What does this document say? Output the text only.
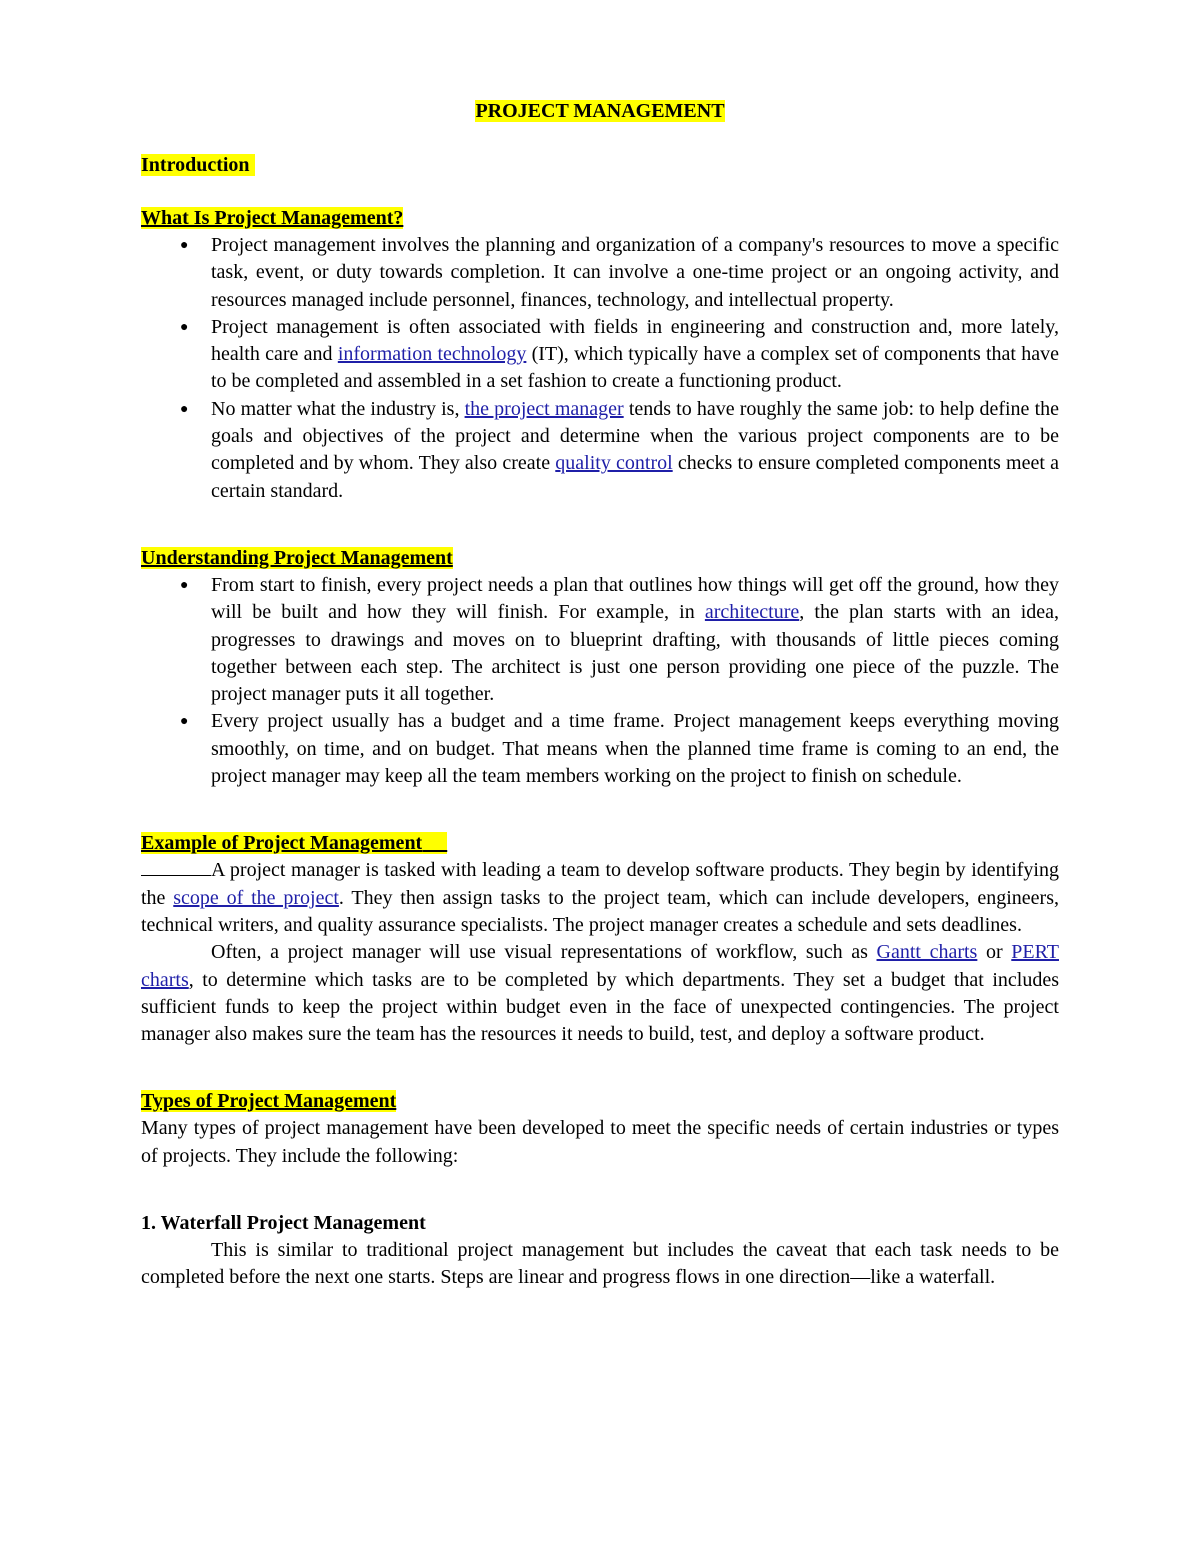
PROJECT MANAGEMENT
Introduction
What Is Project Management?
● Project management involves the planning and organization of a company's resources to move a specific task, event, or duty towards completion. It can involve a one-time project or an ongoing activity, and resources managed include personnel, finances, technology, and intellectual property.
● Project management is often associated with fields in engineering and construction and, more lately, health care and information technology (IT), which typically have a complex set of components that have to be completed and assembled in a set fashion to create a functioning product.
● No matter what the industry is, the project manager tends to have roughly the same job: to help define the goals and objectives of the project and determine when the various project components are to be completed and by whom. They also create quality control checks to ensure completed components meet a certain standard.
Understanding Project Management
● From start to finish, every project needs a plan that outlines how things will get off the ground, how they will be built and how they will finish. For example, in architecture, the plan starts with an idea, progresses to drawings and moves on to blueprint drafting, with thousands of little pieces coming together between each step. The architect is just one person providing one piece of the puzzle. The project manager puts it all together.
● Every project usually has a budget and a time frame. Project management keeps everything moving smoothly, on time, and on budget. That means when the planned time frame is coming to an end, the project manager may keep all the team members working on the project to finish on schedule.
Example of Project Management

A project manager is tasked with leading a team to develop software products. They begin by identifying the scope of the project. They then assign tasks to the project team, which can include developers, engineers, technical writers, and quality assurance specialists. The project manager creates a schedule and sets deadlines.

Often, a project manager will use visual representations of workflow, such as Gantt charts or PERT charts, to determine which tasks are to be completed by which departments. They set a budget that includes sufficient funds to keep the project within budget even in the face of unexpected contingencies. The project manager also makes sure the team has the resources it needs to build, test, and deploy a software product.

Types of Project Management

Many types of project management have been developed to meet the specific needs of certain industries or types of projects. They include the following:

1. Waterfall Project Management

This is similar to traditional project management but includes the caveat that each task needs to be completed before the next one starts. Steps are linear and progress flows in one direction—like a waterfall.
